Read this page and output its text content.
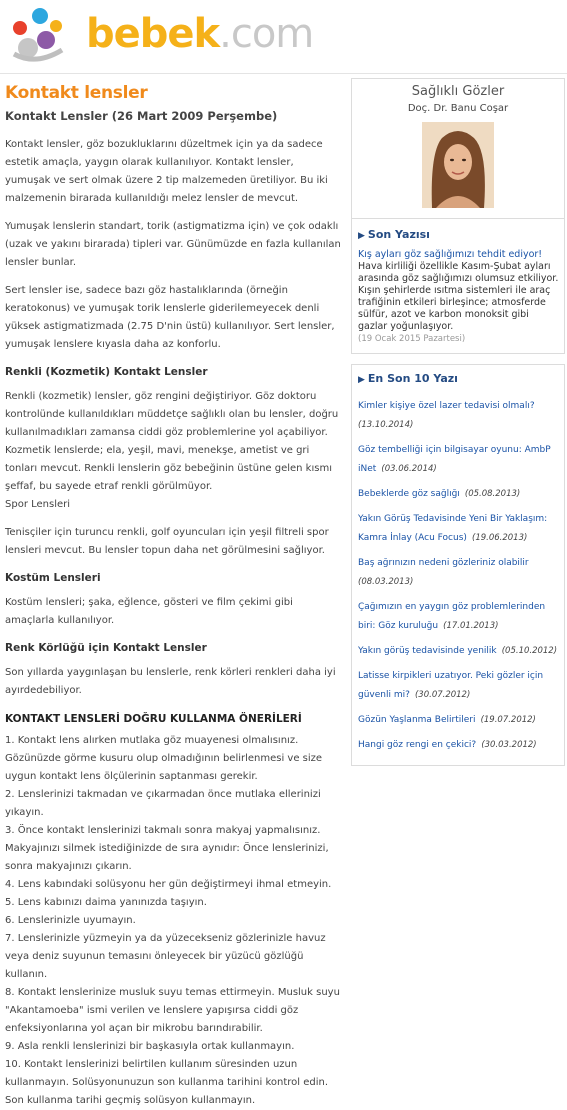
bebek.com
Kontakt lensler
Kontakt Lensler (26 Mart 2009 Perşembe)

Kontakt lensler, göz bozukluklarını düzeltmek için ya da sadece estetik amaçla, yaygın olarak kullanılıyor. Kontakt lensler, yumuşak ve sert olmak üzere 2 tip malzemeden üretiliyor. Bu iki malzemenin birarada kullanıldığı melez lensler de mevcut.

Yumuşak lenslerin standart, torik (astigmatizma için) ve çok odaklı (uzak ve yakını birarada) tipleri var. Günümüzde en fazla kullanılan lensler bunlar.

Sert lensler ise, sadece bazı göz hastalıklarında (örneğin keratokonus) ve yumuşak torik lenslerle giderilemeyecek denli yüksek astigmatizmada (2.75 D'nin üstü) kullanılıyor. Sert lensler, yumuşak lenslere kıyasla daha az konforlu.

Renkli (Kozmetik) Kontakt Lensler

Renkli (kozmetik) lensler, göz rengini değiştiriyor. Göz doktoru kontrolünde kullanıldıkları müddetçe sağlıklı olan bu lensler, doğru kullanılmadıkları zamansa ciddi göz problemlerine yol açabiliyor. Kozmetik lenslerde; ela, yeşil, mavi, menekşe, ametist ve gri tonları mevcut. Renkli lenslerin göz bebeğinin üstüne gelen kısmı şeffaf, bu sayede etraf renkli görülmüyor.

Spor Lensleri

Tenisçiler için turuncu renkli, golf oyuncuları için yeşil filtreli spor lensleri mevcut. Bu lensler topun daha net görülmesini sağlıyor.

Kostüm Lensleri

Kostüm lensleri; şaka, eğlence, gösteri ve film çekimi gibi amaçlarla kullanılıyor.

Renk Körlüğü için Kontakt Lensler

Son yıllarda yaygınlaşan bu lenslerle, renk körleri renkleri daha iyi ayırdedebiliyor.

KONTAKT LENSLERİ DOĞRU KULLANMA ÖNERİLERİ
1. Kontakt lens alırken mutlaka göz muayenesi olmalısınız. Gözünüzde görme kusuru olup olmadığının belirlenmesi ve size uygun kontakt lens ölçülerinin saptanması gerekir.
2. Lenslerinizi takmadan ve çıkarmadan önce mutlaka ellerinizi yıkayın.
3. Önce kontakt lenslerinizi takmalı sonra makyaj yapmalısınız. Makyajınızı silmek istediğinizde de sıra aynıdır: Önce lenslerinizi, sonra makyajınızı çıkarın.
4. Lens kabındaki solüsyonu her gün değiştirmeyi ihmal etmeyin.
5. Lens kabınızı daima yanınızda taşıyın.
6. Lenslerinizle uyumayın.
7. Lenslerinizle yüzmeyin ya da yüzecekseniz gözlerinizle havuz veya deniz suyunun temasını önleyecek bir yüzücü gözlüğü kullanın.
8. Kontakt lenslerinize musluk suyu temas ettirmeyin. Musluk suyu "Akantamoeba" ismi verilen ve lenslere yapışırsa ciddi göz enfeksiyonlarına yol açan bir mikrobu barındırabilir.
9. Asla renkli lenslerinizi bir başkasıyla ortak kullanmayın.
10. Kontakt lenslerinizi belirtilen kullanım süresinden uzun kullanmayın. Solüsyonunuzun son kullanma tarihini kontrol edin. Son kullanma tarihi geçmiş solüsyon kullanmayın.
Sağlıklı Gözler
Doç. Dr. Banu Coşar
▶ Son Yazısı
Kış ayları göz sağlığımızı tehdit ediyor!
Hava kirliliği özellikle Kasım-Şubat ayları arasında göz sağlığımızı olumsuz etkiliyor. Kışın şehirlerde ısıtma sistemleri ile araç trafiğinin etkileri birleşince; atmosferde sülfür, azot ve karbon monoksit gibi gazlar yoğunlaşıyor.
(19 Ocak 2015 Pazartesi)
▶ En Son 10 Yazı
Kimler kişiye özel lazer tedavisi olmalı?
(13.10.2014)
Göz tembelliği için bilgisayar oyunu: AmbP iNet (03.06.2014)
Bebeklerde göz sağlığı (05.08.2013)
Yakın Görüş Tedavisinde Yeni Bir Yaklaşım: Kamra İnlay (Acu Focus) (19.06.2013)
Baş ağrınızın nedeni gözleriniz olabilir
(08.03.2013)
Çağımızın en yaygın göz problemlerinden biri: Göz kuruluğu (17.01.2013)
Yakın görüş tedavisinde yenilik (05.10.2012)
Latisse kirpikleri uzatıyor. Peki gözler için güvenli mi? (30.07.2012)
Gözün Yaşlanma Belirtileri (19.07.2012)
Hangi göz rengi en çekici? (30.03.2012)
